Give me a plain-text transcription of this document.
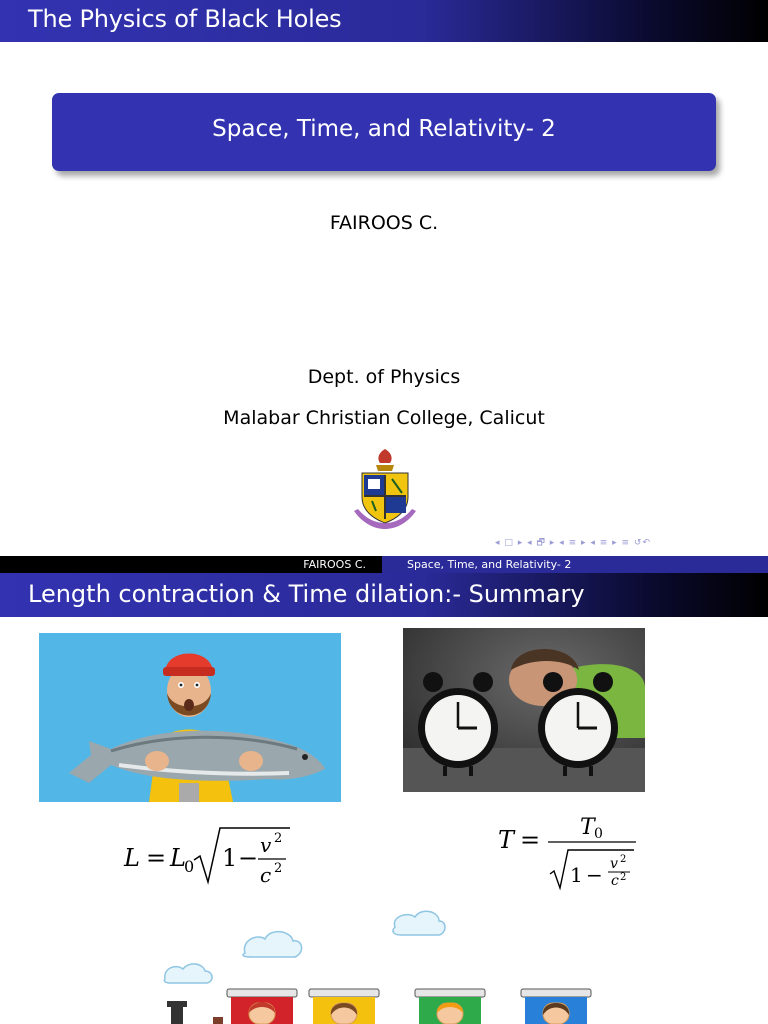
The Physics of Black Holes
Space, Time, and Relativity- 2
FAIROOS C.
Dept. of Physics
Malabar Christian College, Calicut
◂ □ ▸ ◂ 🗗 ▸ ◂ ≡ ▸ ◂ ≡ ▸ ≡ ↺↶
FAIROOS C.	Space, Time, and Relativity- 2
Length contraction & Time dilation:- Summary
L = L
0 1 − v 2
c 2
T = T 0
1 − v 2
c 2
